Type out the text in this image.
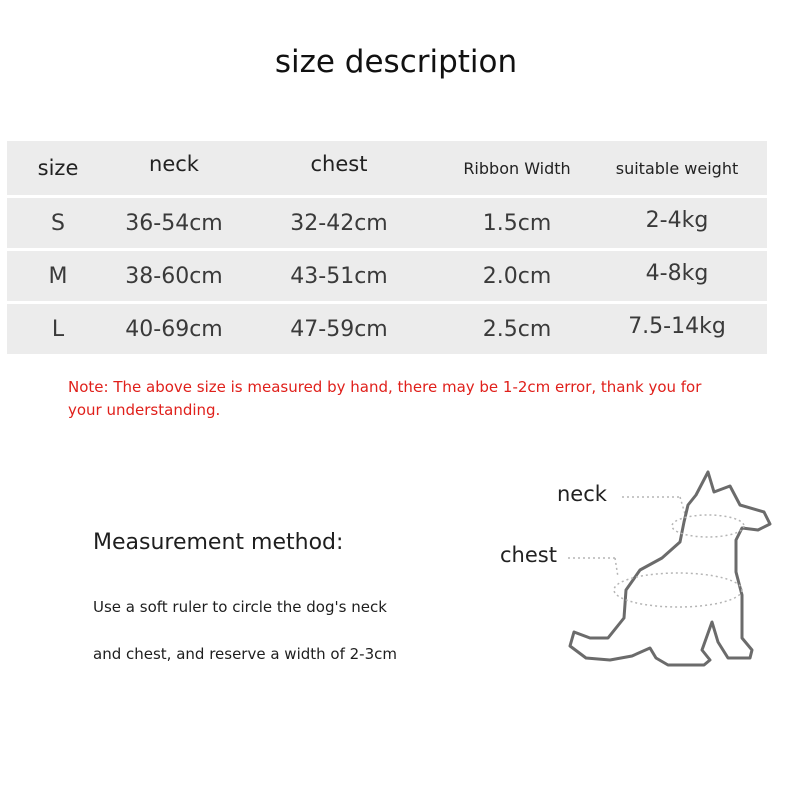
size description
size	neck	chest	Ribbon Width	suitable weight
S	36-54cm	32-42cm	1.5cm	2-4kg
M	38-60cm	43-51cm	2.0cm	4-8kg
L	40-69cm	47-59cm	2.5cm	7.5-14kg
Note: The above size is measured by hand, there may be 1-2cm error, thank you for your understanding.
Measurement method:
Use a soft ruler to circle the dog's neck
and chest, and reserve a width of 2-3cm
neck
chest
